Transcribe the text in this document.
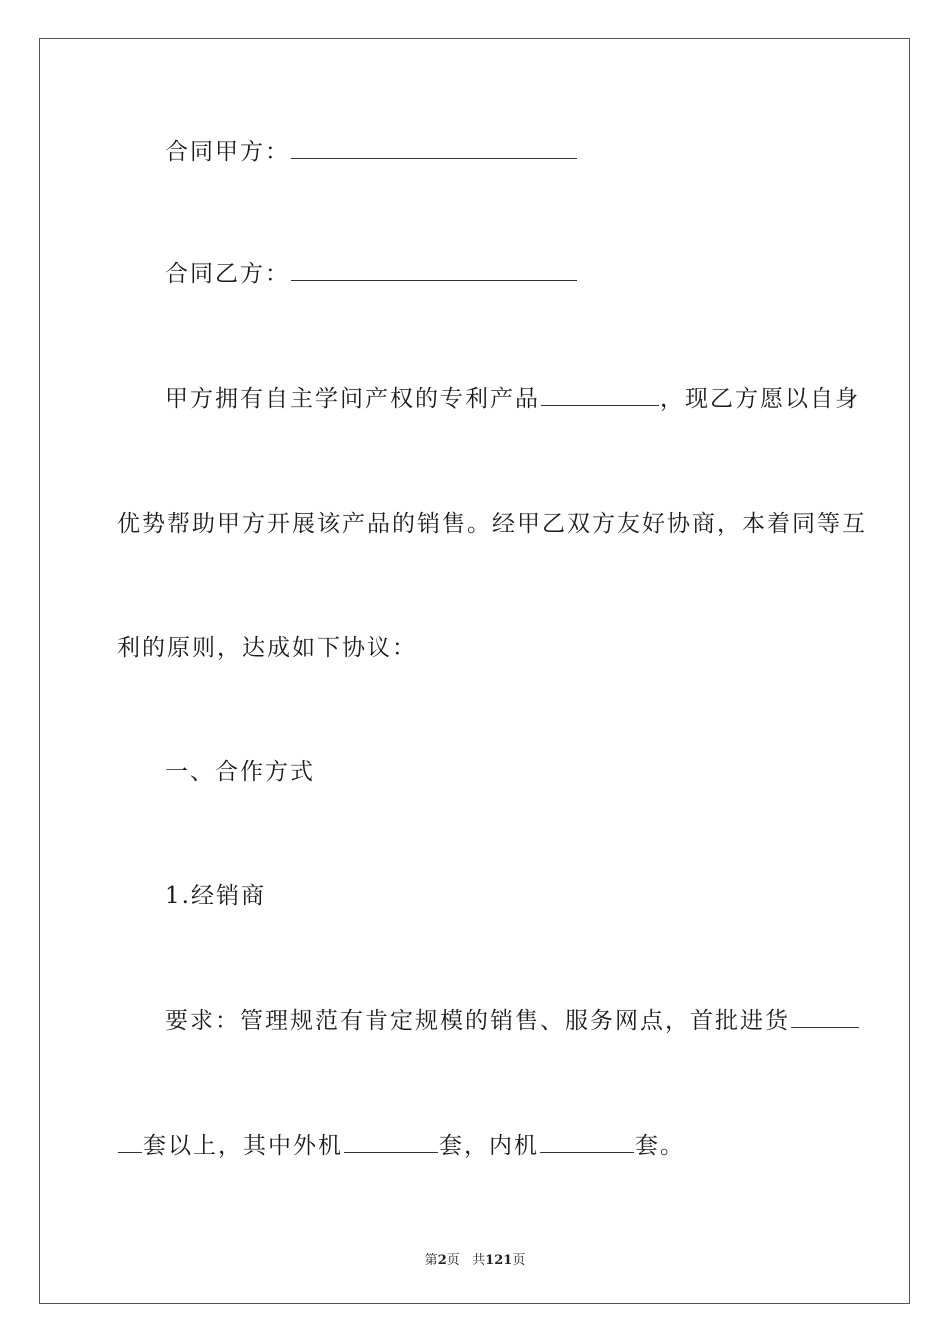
合同甲方：
合同乙方：
甲方拥有自主学问产权的专利产品	，现乙方愿以自身
优势帮助甲方开展该产品的销售。经甲乙双方友好协商，本着同等互
利的原则，达成如下协议：
一、合作方式
1.经销商
要求：管理规范有肯定规模的销售、服务网点，首批进货
套以上，其中外机	套，内机	套。
第2页 共121页
